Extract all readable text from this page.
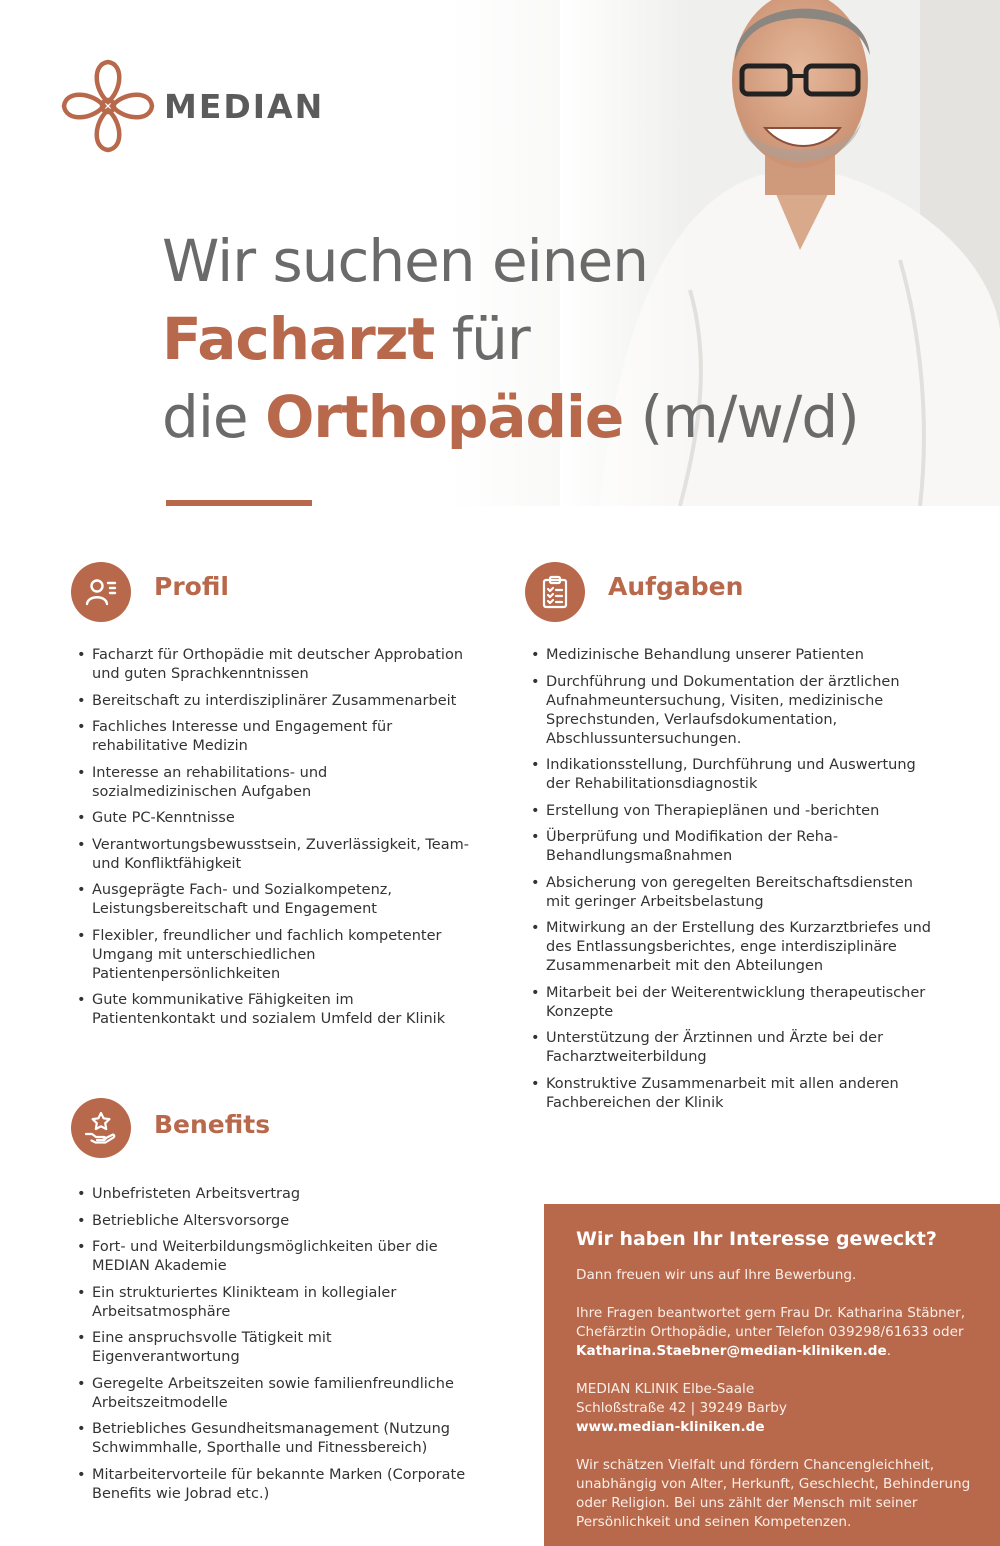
MEDIAN
Wir suchen einen
Facharzt für
die Orthopädie (m/w/d)
Profil
• Facharzt für Orthopädie mit deutscher Approbation und guten Sprachkenntnissen
• Bereitschaft zu interdisziplinärer Zusammenarbeit
• Fachliches Interesse und Engagement für rehabilitative Medizin
• Interesse an rehabilitations- und sozialmedizinischen Aufgaben
• Gute PC-Kenntnisse
• Verantwortungsbewusstsein, Zuverlässigkeit, Team- und Konfliktfähigkeit
• Ausgeprägte Fach- und Sozialkompetenz, Leistungsbereitschaft und Engagement
• Flexibler, freundlicher und fachlich kompetenter Umgang mit unterschiedlichen Patientenpersönlichkeiten
• Gute kommunikative Fähigkeiten im Patientenkontakt und sozialem Umfeld der Klinik
Aufgaben
• Medizinische Behandlung unserer Patienten
• Durchführung und Dokumentation der ärztlichen Aufnahmeuntersuchung, Visiten, medizinische Sprechstunden, Verlaufsdokumentation, Abschlussuntersuchungen.
• Indikationsstellung, Durchführung und Auswertung der Rehabilitationsdiagnostik
• Erstellung von Therapieplänen und -berichten
• Überprüfung und Modifikation der Reha-Behandlungsmaßnahmen
• Absicherung von geregelten Bereitschaftsdiensten mit geringer Arbeitsbelastung
• Mitwirkung an der Erstellung des Kurzarztbriefes und des Entlassungsberichtes, enge interdisziplinäre Zusammenarbeit mit den Abteilungen
• Mitarbeit bei der Weiterentwicklung therapeutischer Konzepte
• Unterstützung der Ärztinnen und Ärzte bei der Facharztweiterbildung
• Konstruktive Zusammenarbeit mit allen anderen Fachbereichen der Klinik
Benefits
• Unbefristeten Arbeitsvertrag
• Betriebliche Altersvorsorge
• Fort- und Weiterbildungsmöglichkeiten über die MEDIAN Akademie
• Ein strukturiertes Klinikteam in kollegialer Arbeitsatmosphäre
• Eine anspruchsvolle Tätigkeit mit Eigenverantwortung
• Geregelte Arbeitszeiten sowie familienfreundliche Arbeitszeitmodelle
• Betriebliches Gesundheitsmanagement (Nutzung Schwimmhalle, Sporthalle und Fitnessbereich)
• Mitarbeitervorteile für bekannte Marken (Corporate Benefits wie Jobrad etc.)
Wir haben Ihr Interesse geweckt?

Dann freuen wir uns auf Ihre Bewerbung.

Ihre Fragen beantwortet gern Frau Dr. Katharina Stäbner, Chefärztin Orthopädie, unter Telefon 039298/61633 oder Katharina.Staebner@median-kliniken.de.

MEDIAN KLINIK Elbe-Saale
Schloßstraße 42 | 39249 Barby
www.median-kliniken.de

Wir schätzen Vielfalt und fördern Chancengleichheit, unabhängig von Alter, Herkunft, Geschlecht, Behinderung oder Religion. Bei uns zählt der Mensch mit seiner Persönlichkeit und seinen Kompetenzen.
